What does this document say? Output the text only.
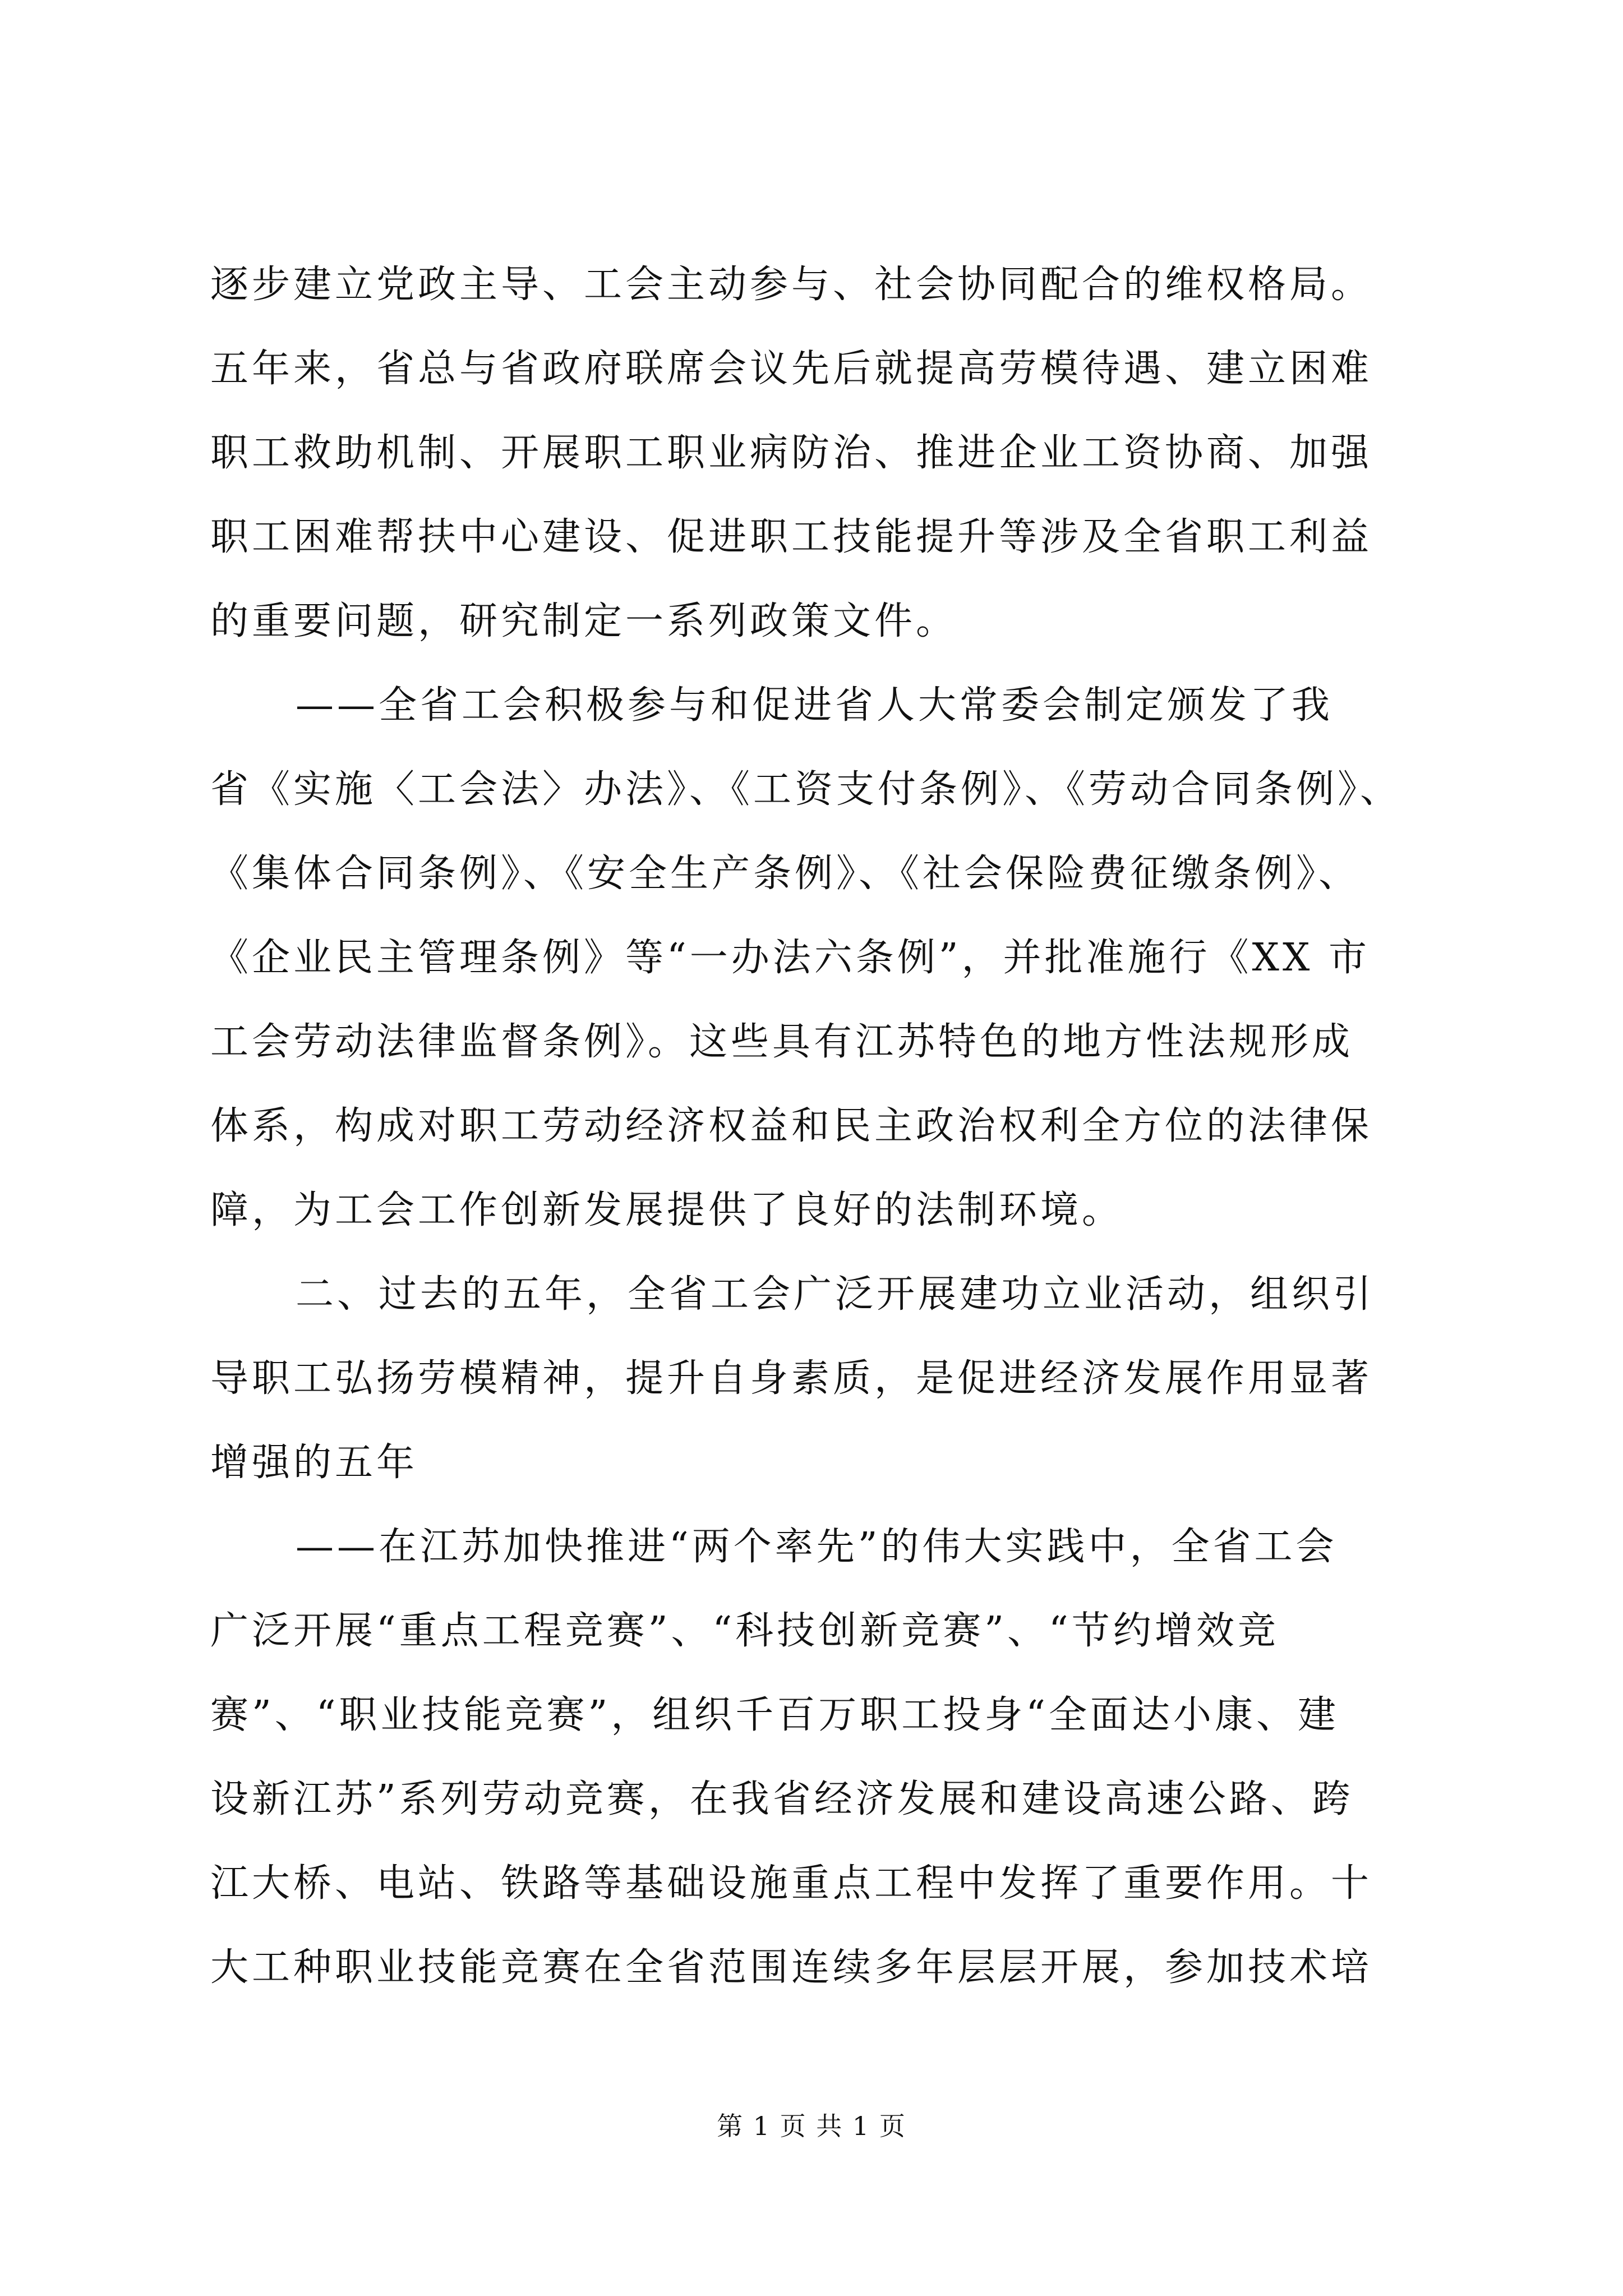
逐步建立党政主导、工会主动参与、社会协同配合的维权格局。
五年来，省总与省政府联席会议先后就提高劳模待遇、建立困难
职工救助机制、开展职工职业病防治、推进企业工资协商、加强
职工困难帮扶中心建设、促进职工技能提升等涉及全省职工利益
的重要问题，研究制定一系列政策文件。
——全省工会积极参与和促进省人大常委会制定颁发了我
省《实施〈工会法〉办法》、《工资支付条例》、《劳动合同条例》、
《集体合同条例》、《安全生产条例》、《社会保险费征缴条例》、
《企业民主管理条例》等“一办法六条例”，并批准施行《XX 市
工会劳动法律监督条例》。这些具有江苏特色的地方性法规形成
体系，构成对职工劳动经济权益和民主政治权利全方位的法律保
障，为工会工作创新发展提供了良好的法制环境。
二、过去的五年，全省工会广泛开展建功立业活动，组织引
导职工弘扬劳模精神，提升自身素质，是促进经济发展作用显著
增强的五年
——在江苏加快推进“两个率先”的伟大实践中，全省工会
广泛开展“重点工程竞赛”、“科技创新竞赛”、“节约增效竞
赛”、“职业技能竞赛”，组织千百万职工投身“全面达小康、建
设新江苏”系列劳动竞赛，在我省经济发展和建设高速公路、跨
江大桥、电站、铁路等基础设施重点工程中发挥了重要作用。十
大工种职业技能竞赛在全省范围连续多年层层开展，参加技术培
第 1 页 共 1 页
